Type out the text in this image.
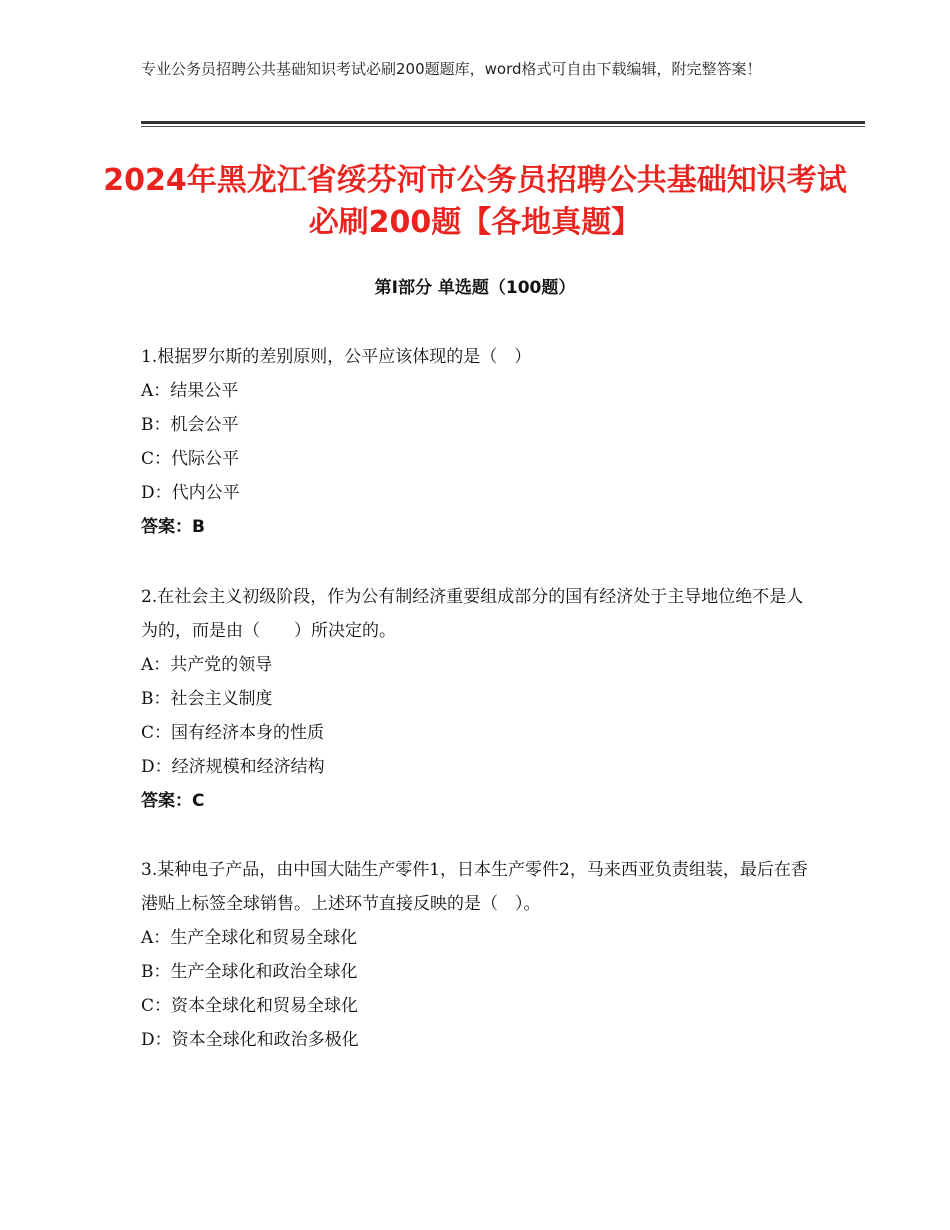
专业公务员招聘公共基础知识考试必刷200题题库，word格式可自由下载编辑，附完整答案！
2024年黑龙江省绥芬河市公务员招聘公共基础知识考试必刷200题【各地真题】
第Ⅰ部分 单选题（100题）

1.根据罗尔斯的差别原则，公平应该体现的是（　）

A：结果公平

B：机会公平

C：代际公平

D：代内公平

答案：B

2.在社会主义初级阶段，作为公有制经济重要组成部分的国有经济处于主导地位绝不是人为的，而是由（　　）所决定的。

A：共产党的领导

B：社会主义制度

C：国有经济本身的性质

D：经济规模和经济结构

答案：C

3.某种电子产品，由中国大陆生产零件1，日本生产零件2，马来西亚负责组装，最后在香港贴上标签全球销售。上述环节直接反映的是（　）。

A：生产全球化和贸易全球化

B：生产全球化和政治全球化

C：资本全球化和贸易全球化

D：资本全球化和政治多极化
